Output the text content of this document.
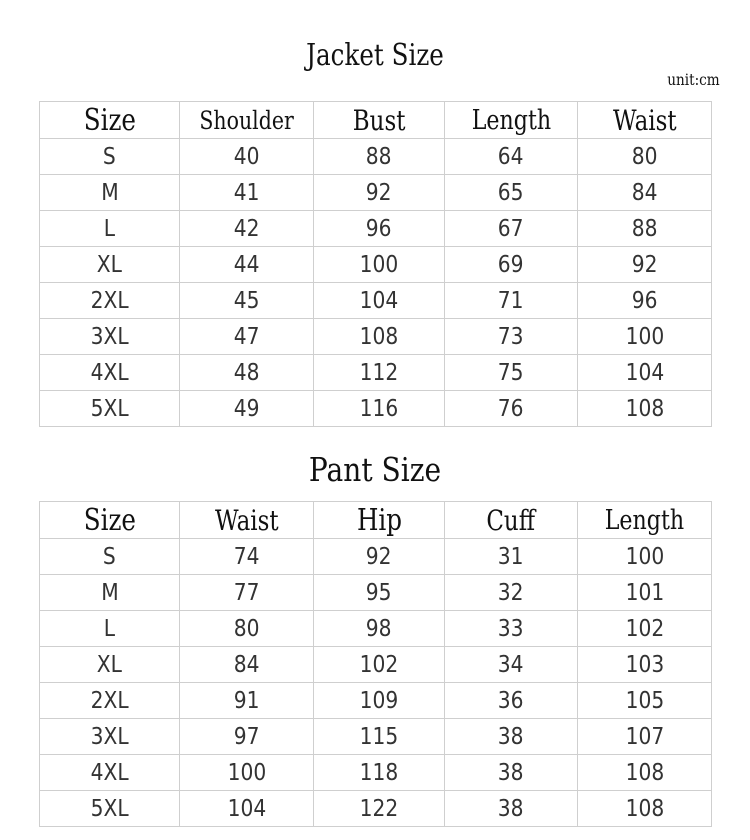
Jacket Size
unit:cm
Size	Shoulder	Bust	Length	Waist
S	40	88	64	80
M	41	92	65	84
L	42	96	67	88
XL	44	100	69	92
2XL	45	104	71	96
3XL	47	108	73	100
4XL	48	112	75	104
5XL	49	116	76	108
Pant Size
Size	Waist	Hip	Cuff	Length
S	74	92	31	100
M	77	95	32	101
L	80	98	33	102
XL	84	102	34	103
2XL	91	109	36	105
3XL	97	115	38	107
4XL	100	118	38	108
5XL	104	122	38	108
